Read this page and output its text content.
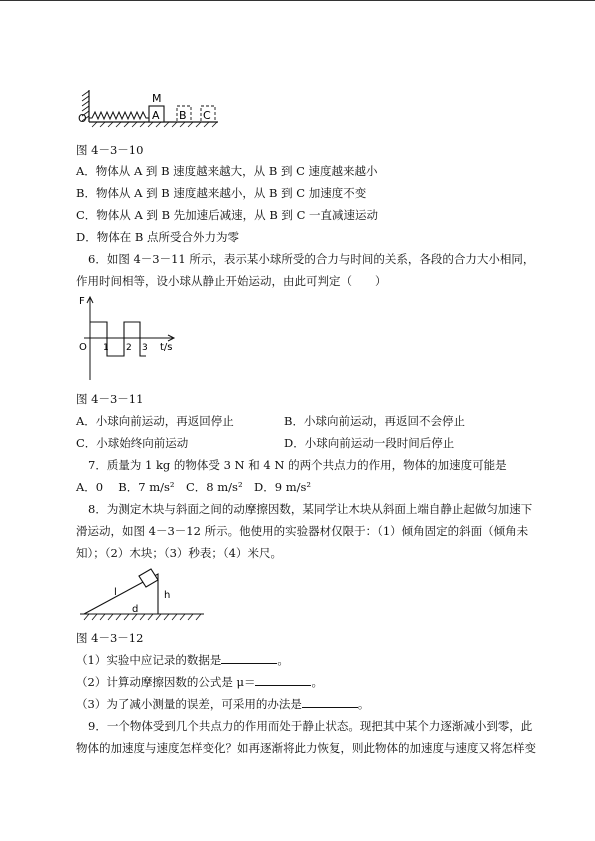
M
A B C
O
图 4－3－10
A．物体从 A 到 B 速度越来越大，从 B 到 C 速度越来越小
B．物体从 A 到 B 速度越来越小，从 B 到 C 加速度不变
C．物体从 A 到 B 先加速后减速，从 B 到 C 一直减速运动
D．物体在 B 点所受合外力为零
6．如图 4－3－11 所示，表示某小球所受的合力与时间的关系，各段的合力大小相同，
作用时间相等，设小球从静止开始运动，由此可判定（　　）
F
O 1 2 3 t/s
图 4－3－11
A．小球向前运动，再返回停止	B．小球向前运动，再返回不会停止
C．小球始终向前运动	D．小球向前运动一段时间后停止
7．质量为 1 kg 的物体受 3 N 和 4 N 的两个共点力的作用，物体的加速度可能是
A．0　 B．7 m/s²　C．8 m/s²　D．9 m/s²
8．为测定木块与斜面之间的动摩擦因数，某同学让木块从斜面上端自静止起做匀加速下
滑运动，如图 4－3－12 所示。他使用的实验器材仅限于：（1）倾角固定的斜面（倾角未
知）；（2）木块；（3）秒表；（4）米尺。
l	h
d
图 4－3－12
（1）实验中应记录的数据是	。
（2）计算动摩擦因数的公式是 μ＝	。
（3）为了减小测量的误差，可采用的办法是	。
9．一个物体受到几个共点力的作用而处于静止状态。现把其中某个力逐渐减小到零，此
物体的加速度与速度怎样变化？如再逐渐将此力恢复，则此物体的加速度与速度又将怎样变
